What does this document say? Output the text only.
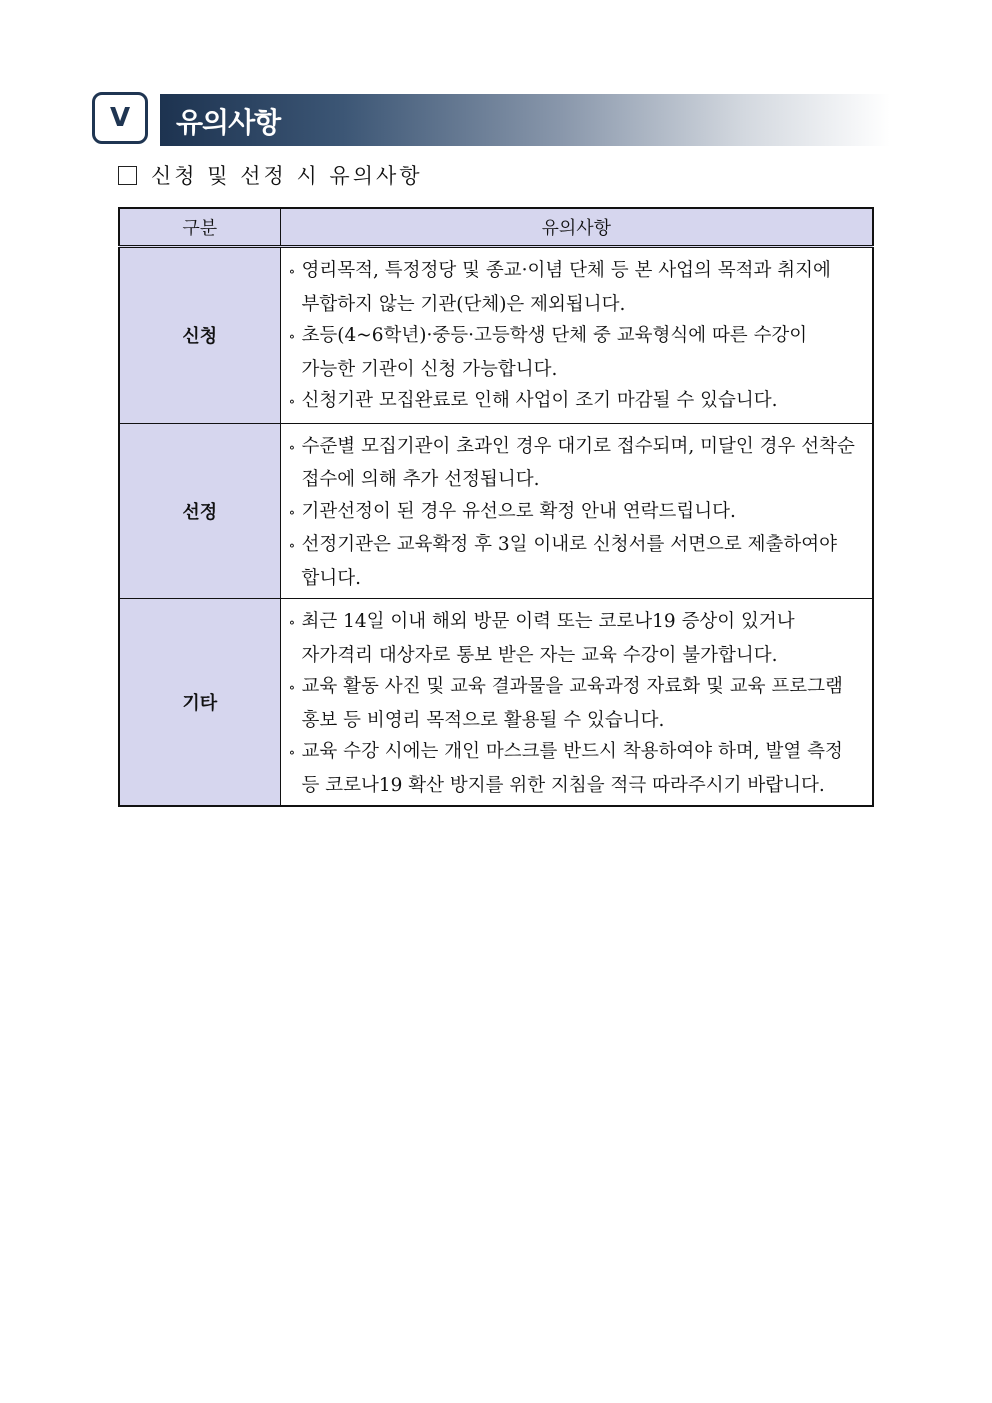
V	유의사항
신청 및 선정 시 유의사항
구분	유의사항
신청	∘ 영리목적, 특정정당 및 종교·이념 단체 등 본 사업의 목적과 취지에 부합하지 않는 기관(단체)은 제외됩니다.
∘ 초등(4~6학년)·중등·고등학생 단체 중 교육형식에 따른 수강이 가능한 기관이 신청 가능합니다.
∘ 신청기관 모집완료로 인해 사업이 조기 마감될 수 있습니다.

선정	∘ 수준별 모집기관이 초과인 경우 대기로 접수되며, 미달인 경우 선착순 접수에 의해 추가 선정됩니다.
∘ 기관선정이 된 경우 유선으로 확정 안내 연락드립니다.
∘ 선정기관은 교육확정 후 3일 이내로 신청서를 서면으로 제출하여야 합니다.

기타	∘ 최근 14일 이내 해외 방문 이력 또는 코로나19 증상이 있거나 자가격리 대상자로 통보 받은 자는 교육 수강이 불가합니다.
∘ 교육 활동 사진 및 교육 결과물을 교육과정 자료화 및 교육 프로그램 홍보 등 비영리 목적으로 활용될 수 있습니다.
∘ 교육 수강 시에는 개인 마스크를 반드시 착용하여야 하며, 발열 측정 등 코로나19 확산 방지를 위한 지침을 적극 따라주시기 바랍니다.
